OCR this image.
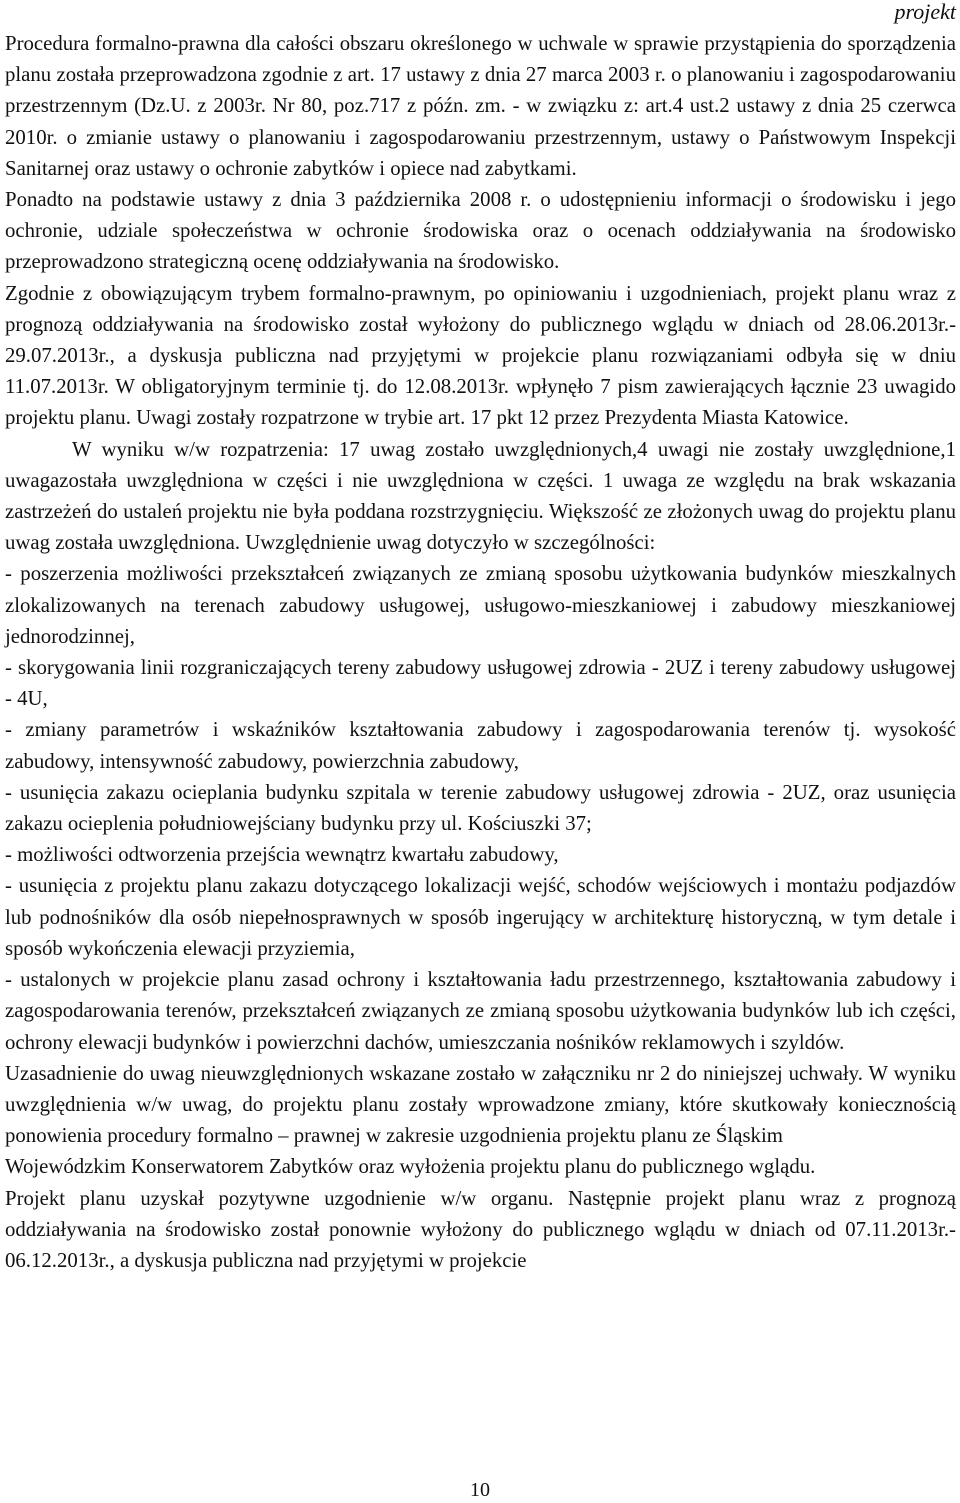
projekt

Procedura formalno-prawna dla całości obszaru określonego w uchwale w sprawie przystąpienia do sporządzenia planu została przeprowadzona zgodnie z art. 17 ustawy z dnia 27 marca 2003 r. o planowaniu i zagospodarowaniu przestrzennym (Dz.U. z 2003r. Nr 80, poz.717 z późn. zm. - w związku z: art.4 ust.2 ustawy z dnia 25 czerwca 2010r. o zmianie ustawy o planowaniu i zagospodarowaniu przestrzennym, ustawy o Państwowym Inspekcji Sanitarnej oraz ustawy o ochronie zabytków i opiece nad zabytkami.

Ponadto na podstawie ustawy z dnia 3 października 2008 r. o udostępnieniu informacji o środowisku i jego ochronie, udziale społeczeństwa w ochronie środowiska oraz o ocenach oddziaływania na środowisko przeprowadzono strategiczną ocenę oddziaływania na środowisko.

Zgodnie z obowiązującym trybem formalno-prawnym, po opiniowaniu i uzgodnieniach, projekt planu wraz z prognozą oddziaływania na środowisko został wyłożony do publicznego wglądu w dniach od 28.06.2013r.- 29.07.2013r., a dyskusja publiczna nad przyjętymi w projekcie planu rozwiązaniami odbyła się w dniu 11.07.2013r. W obligatoryjnym terminie tj. do 12.08.2013r. wpłynęło 7 pism zawierających łącznie 23 uwagido projektu planu. Uwagi zostały rozpatrzone w trybie art. 17 pkt 12 przez Prezydenta Miasta Katowice.

W wyniku w/w rozpatrzenia: 17 uwag zostało uwzględnionych,4 uwagi nie zostały uwzględnione,1 uwagazostała uwzględniona w części i nie uwzględniona w części. 1 uwaga ze względu na brak wskazania zastrzeżeń do ustaleń projektu nie była poddana rozstrzygnięciu. Większość ze złożonych uwag do projektu planu uwag została uwzględniona. Uwzględnienie uwag dotyczyło w szczególności:

- poszerzenia możliwości przekształceń związanych ze zmianą sposobu użytkowania budynków mieszkalnych zlokalizowanych na terenach zabudowy usługowej, usługowo-mieszkaniowej i zabudowy mieszkaniowej jednorodzinnej,

- skorygowania linii rozgraniczających tereny zabudowy usługowej zdrowia - 2UZ i tereny zabudowy usługowej - 4U,

- zmiany parametrów i wskaźników kształtowania zabudowy i zagospodarowania terenów tj. wysokość zabudowy, intensywność zabudowy, powierzchnia zabudowy,

- usunięcia zakazu ocieplania budynku szpitala w terenie zabudowy usługowej zdrowia - 2UZ, oraz usunięcia zakazu ocieplenia południowejściany budynku przy ul. Kościuszki 37;

- możliwości odtworzenia przejścia wewnątrz kwartału zabudowy,

- usunięcia z projektu planu zakazu dotyczącego lokalizacji wejść, schodów wejściowych i montażu podjazdów lub podnośników dla osób niepełnosprawnych w sposób ingerujący w architekturę historyczną, w tym detale i sposób wykończenia elewacji przyziemia,

- ustalonych w projekcie planu zasad ochrony i kształtowania ładu przestrzennego, kształtowania zabudowy i zagospodarowania terenów, przekształceń związanych ze zmianą sposobu użytkowania budynków lub ich części, ochrony elewacji budynków i powierzchni dachów, umieszczania nośników reklamowych i szyldów.

Uzasadnienie do uwag nieuwzględnionych wskazane zostało w załączniku nr 2 do niniejszej uchwały. W wyniku uwzględnienia w/w uwag, do projektu planu zostały wprowadzone zmiany, które skutkowały koniecznością ponowienia procedury formalno – prawnej w zakresie uzgodnienia projektu planu ze Śląskim

Wojewódzkim Konserwatorem Zabytków oraz wyłożenia projektu planu do publicznego wglądu.

Projekt planu uzyskał pozytywne uzgodnienie w/w organu. Następnie projekt planu wraz z prognozą oddziaływania na środowisko został ponownie wyłożony do publicznego wglądu w dniach od 07.11.2013r.- 06.12.2013r., a dyskusja publiczna nad przyjętymi w projekcie

10
